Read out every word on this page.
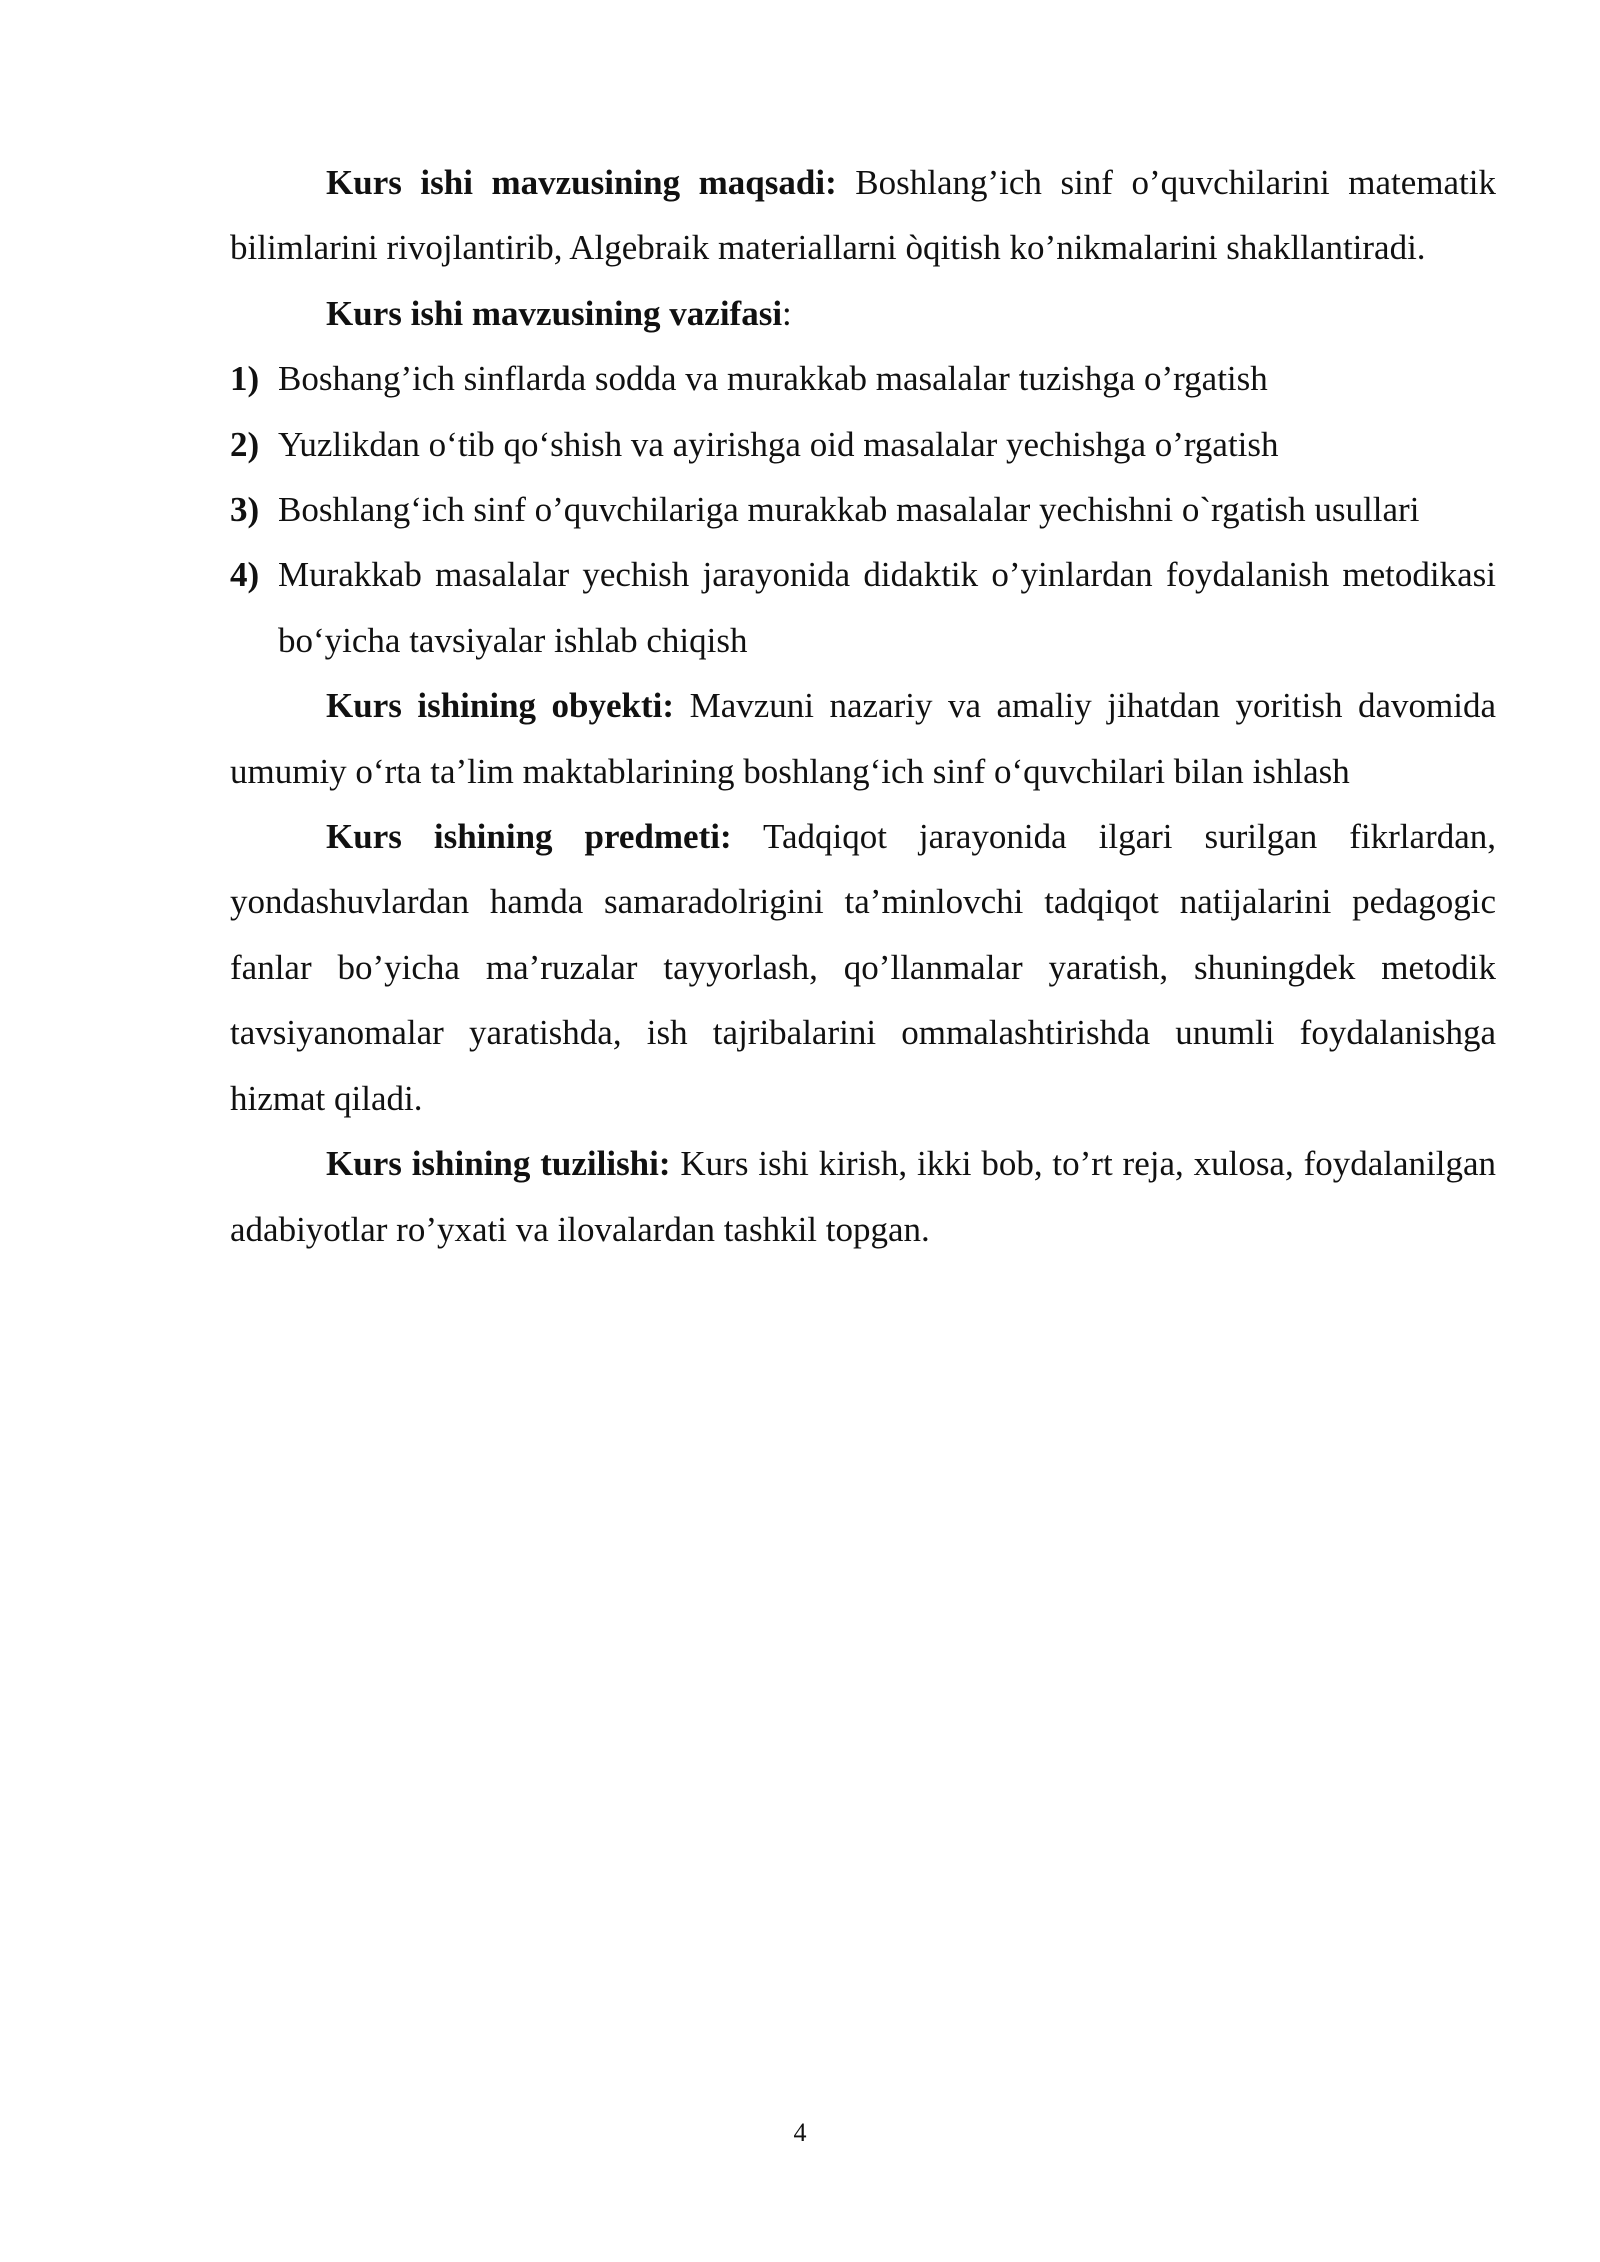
Kurs ishi mavzusining maqsadi: Boshlang’ich sinf o’quvchilarini matematik bilimlarini rivojlantirib, Algebraik materiallarni òqitish ko’nikmalarini shakllantiradi.

Kurs ishi mavzusining vazifasi:

1) Boshang’ich sinflarda sodda va murakkab masalalar tuzishga o’rgatish
2) Yuzlikdan o‘tib qo‘shish va ayirishga oid masalalar yechishga o’rgatish
3) Boshlang‘ich sinf o’quvchilariga murakkab masalalar yechishni o`rgatish usullari
4) Murakkab masalalar yechish jarayonida didaktik o’yinlardan foydalanish metodikasi bo‘yicha tavsiyalar ishlab chiqish

Kurs ishining obyekti: Mavzuni nazariy va amaliy jihatdan yoritish davomida umumiy o‘rta ta’lim maktablarining boshlang‘ich sinf o‘quvchilari bilan ishlash

Kurs ishining predmeti: Tadqiqot jarayonida ilgari surilgan fikrlardan, yondashuvlardan hamda samaradolrigini ta’minlovchi tadqiqot natijalarini pedagogic fanlar bo’yicha ma’ruzalar tayyorlash, qo’llanmalar yaratish, shuningdek metodik tavsiyanomalar yaratishda, ish tajribalarini ommalashtirishda unumli foydalanishga hizmat qiladi.

Kurs ishining tuzilishi: Kurs ishi kirish, ikki bob, to’rt reja, xulosa, foydalanilgan adabiyotlar ro’yxati va ilovalardan tashkil topgan.

4
